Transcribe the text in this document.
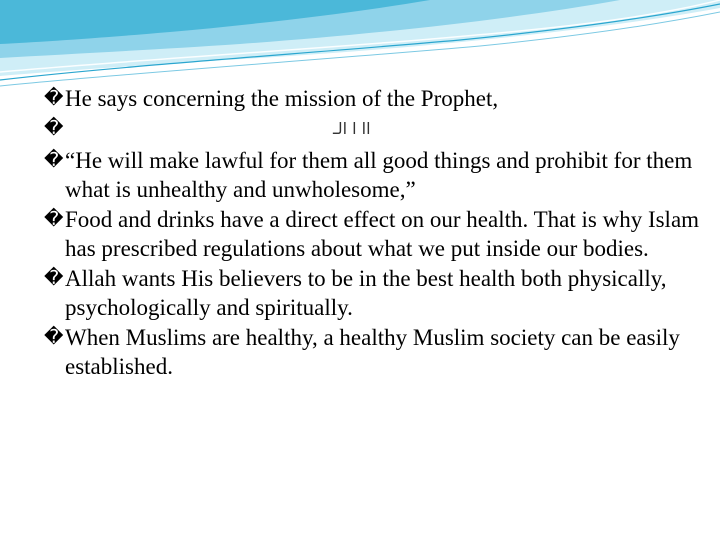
� He says concerning the mission of the Prophet,
�	اا ا الـ
� “He will make lawful for them all good things and prohibit for them what is unhealthy and unwholesome,”
� Food and drinks have a direct effect on our health. That is why Islam has prescribed regulations about what we put inside our bodies.
� Allah wants His believers to be in the best health both physically, psychologically and spiritually.
� When Muslims are healthy, a healthy Muslim society can be easily established.
